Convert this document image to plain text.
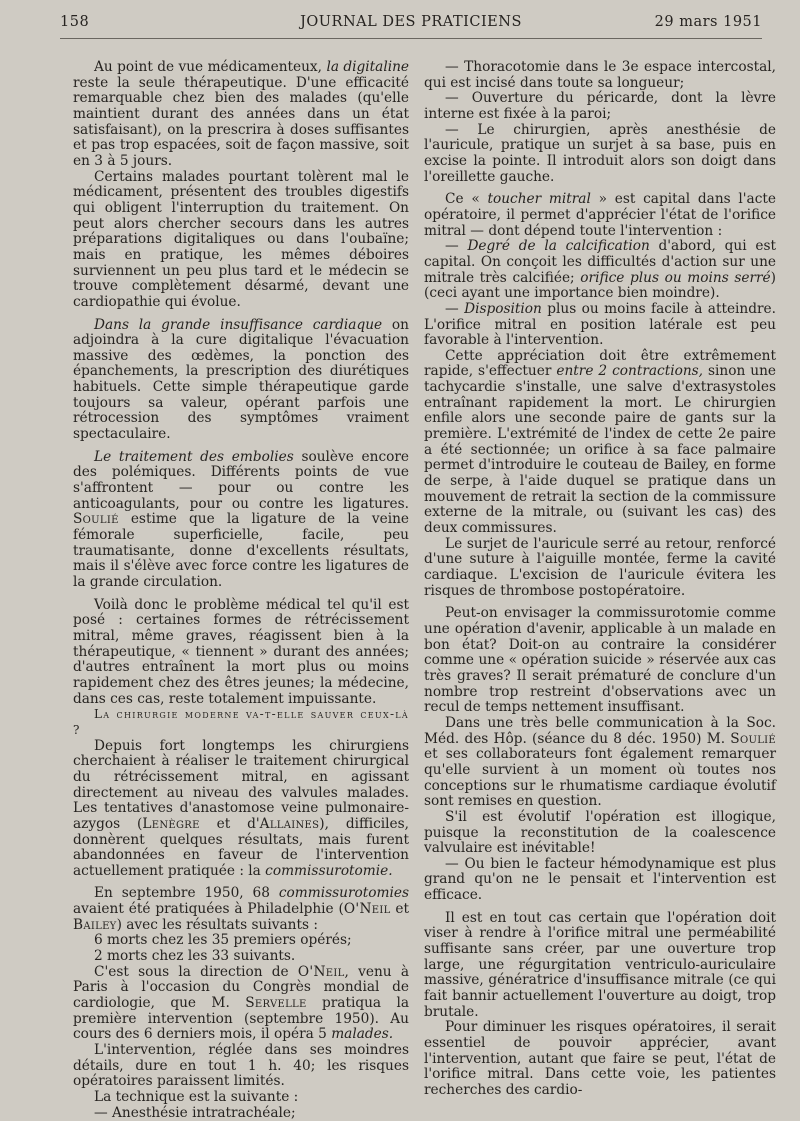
158	JOURNAL DES PRATICIENS	29 mars 1951

Au point de vue médicamenteux, la digitaline reste la seule thérapeutique. D'une efficacité remarquable chez bien des malades (qu'elle maintient durant des années dans un état satisfaisant), on la prescrira à doses suffisantes et pas trop espacées, soit de façon massive, soit en 3 à 5 jours.

Certains malades pourtant tolèrent mal le médicament, présentent des troubles digestifs qui obligent l'interruption du traitement. On peut alors chercher secours dans les autres préparations digitaliques ou dans l'oubaïne; mais en pratique, les mêmes déboires surviennent un peu plus tard et le médecin se trouve complètement désarmé, devant une cardiopathie qui évolue.

Dans la grande insuffisance cardiaque on adjoindra à la cure digitalique l'évacuation massive des œdèmes, la ponction des épanchements, la prescription des diurétiques habituels. Cette simple thérapeutique garde toujours sa valeur, opérant parfois une rétrocession des symptômes vraiment spectaculaire.

Le traitement des embolies soulève encore des polémiques. Différents points de vue s'affrontent — pour ou contre les anticoagulants, pour ou contre les ligatures. Soulié estime que la ligature de la veine fémorale superficielle, facile, peu traumatisante, donne d'excellents résultats, mais il s'élève avec force contre les ligatures de la grande circulation.

Voilà donc le problème médical tel qu'il est posé : certaines formes de rétrécissement mitral, même graves, réagissent bien à la thérapeutique, « tiennent » durant des années; d'autres entraînent la mort plus ou moins rapidement chez des êtres jeunes; la médecine, dans ces cas, reste totalement impuissante.

La chirurgie moderne va-t-elle sauver ceux-là ?

Depuis fort longtemps les chirurgiens cherchaient à réaliser le traitement chirurgical du rétrécissement mitral, en agissant directement au niveau des valvules malades. Les tentatives d'anastomose veine pulmonaire-azygos (Lenègre et d'Allaines), difficiles, donnèrent quelques résultats, mais furent abandonnées en faveur de l'intervention actuellement pratiquée : la commissurotomie.

En septembre 1950, 68 commissurotomies avaient été pratiquées à Philadelphie (O'Neil et Bailey) avec les résultats suivants :

6 morts chez les 35 premiers opérés;

2 morts chez les 33 suivants.

C'est sous la direction de O'Neil, venu à Paris à l'occasion du Congrès mondial de cardiologie, que M. Servelle pratiqua la première intervention (septembre 1950). Au cours des 6 derniers mois, il opéra 5 malades.

L'intervention, réglée dans ses moindres détails, dure en tout 1 h. 40; les risques opératoires paraissent limités.

La technique est la suivante :

— Anesthésie intratrachéale;

— Thoracotomie dans le 3e espace intercostal, qui est incisé dans toute sa longueur;

— Ouverture du péricarde, dont la lèvre interne est fixée à la paroi;

— Le chirurgien, après anesthésie de l'auricule, pratique un surjet à sa base, puis en excise la pointe. Il introduit alors son doigt dans l'oreillette gauche.

Ce « toucher mitral » est capital dans l'acte opératoire, il permet d'apprécier l'état de l'orifice mitral — dont dépend toute l'intervention :

— Degré de la calcification d'abord, qui est capital. On conçoit les difficultés d'action sur une mitrale très calcifiée; orifice plus ou moins serré) (ceci ayant une importance bien moindre).

— Disposition plus ou moins facile à atteindre. L'orifice mitral en position latérale est peu favorable à l'intervention.

Cette appréciation doit être extrêmement rapide, s'effectuer entre 2 contractions, sinon une tachycardie s'installe, une salve d'extrasystoles entraînant rapidement la mort. Le chirurgien enfile alors une seconde paire de gants sur la première. L'extrémité de l'index de cette 2e paire a été sectionnée; un orifice à sa face palmaire permet d'introduire le couteau de Bailey, en forme de serpe, à l'aide duquel se pratique dans un mouvement de retrait la section de la commissure externe de la mitrale, ou (suivant les cas) des deux commissures.

Le surjet de l'auricule serré au retour, renforcé d'une suture à l'aiguille montée, ferme la cavité cardiaque. L'excision de l'auricule évitera les risques de thrombose postopératoire.

Peut-on envisager la commissurotomie comme une opération d'avenir, applicable à un malade en bon état? Doit-on au contraire la considérer comme une « opération suicide » réservée aux cas très graves? Il serait prématuré de conclure d'un nombre trop restreint d'observations avec un recul de temps nettement insuffisant.

Dans une très belle communication à la Soc. Méd. des Hôp. (séance du 8 déc. 1950) M. Soulié et ses collaborateurs font également remarquer qu'elle survient à un moment où toutes nos conceptions sur le rhumatisme cardiaque évolutif sont remises en question.

S'il est évolutif l'opération est illogique, puisque la reconstitution de la coalescence valvulaire est inévitable!

— Ou bien le facteur hémodynamique est plus grand qu'on ne le pensait et l'intervention est efficace.

Il est en tout cas certain que l'opération doit viser à rendre à l'orifice mitral une perméabilité suffisante sans créer, par une ouverture trop large, une régurgitation ventriculo-auriculaire massive, génératrice d'insuffisance mitrale (ce qui fait bannir actuellement l'ouverture au doigt, trop brutale.

Pour diminuer les risques opératoires, il serait essentiel de pouvoir apprécier, avant l'intervention, autant que faire se peut, l'état de l'orifice mitral. Dans cette voie, les patientes recherches des cardio-
